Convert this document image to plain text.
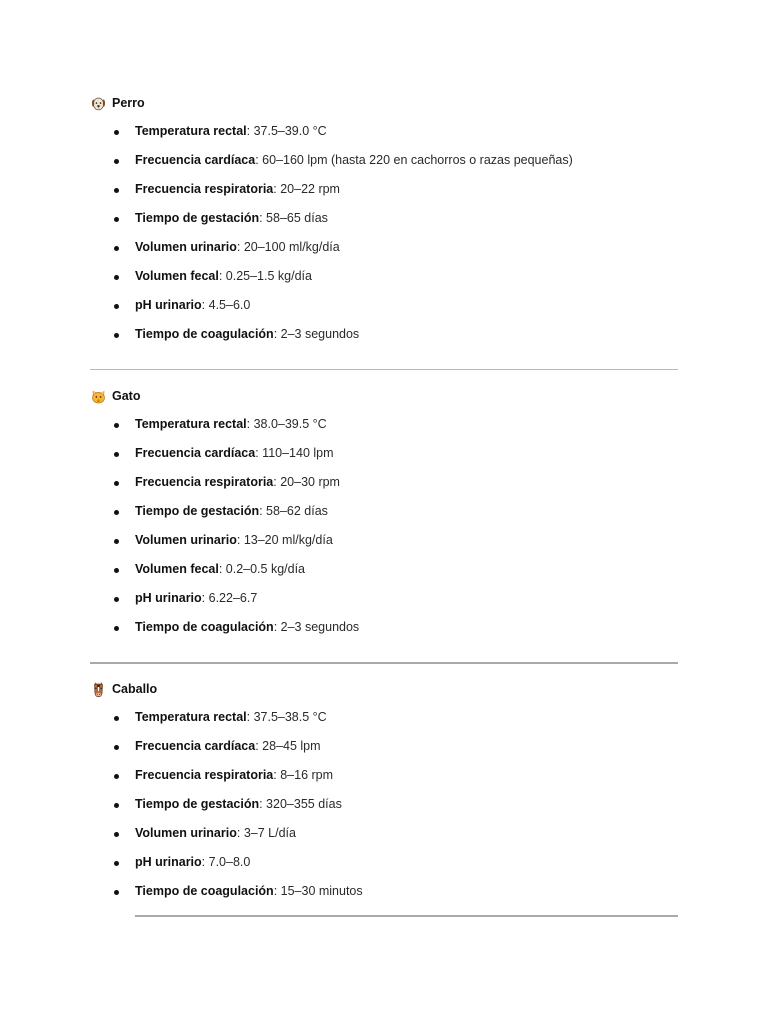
Perro
Temperatura rectal: 37.5–39.0 °C
Frecuencia cardíaca: 60–160 lpm (hasta 220 en cachorros o razas pequeñas)
Frecuencia respiratoria: 20–22 rpm
Tiempo de gestación: 58–65 días
Volumen urinario: 20–100 ml/kg/día
Volumen fecal: 0.25–1.5 kg/día
pH urinario: 4.5–6.0
Tiempo de coagulación: 2–3 segundos
Gato
Temperatura rectal: 38.0–39.5 °C
Frecuencia cardíaca: 110–140 lpm
Frecuencia respiratoria: 20–30 rpm
Tiempo de gestación: 58–62 días
Volumen urinario: 13–20 ml/kg/día
Volumen fecal: 0.2–0.5 kg/día
pH urinario: 6.22–6.7
Tiempo de coagulación: 2–3 segundos
Caballo
Temperatura rectal: 37.5–38.5 °C
Frecuencia cardíaca: 28–45 lpm
Frecuencia respiratoria: 8–16 rpm
Tiempo de gestación: 320–355 días
Volumen urinario: 3–7 L/día
pH urinario: 7.0–8.0
Tiempo de coagulación: 15–30 minutos
